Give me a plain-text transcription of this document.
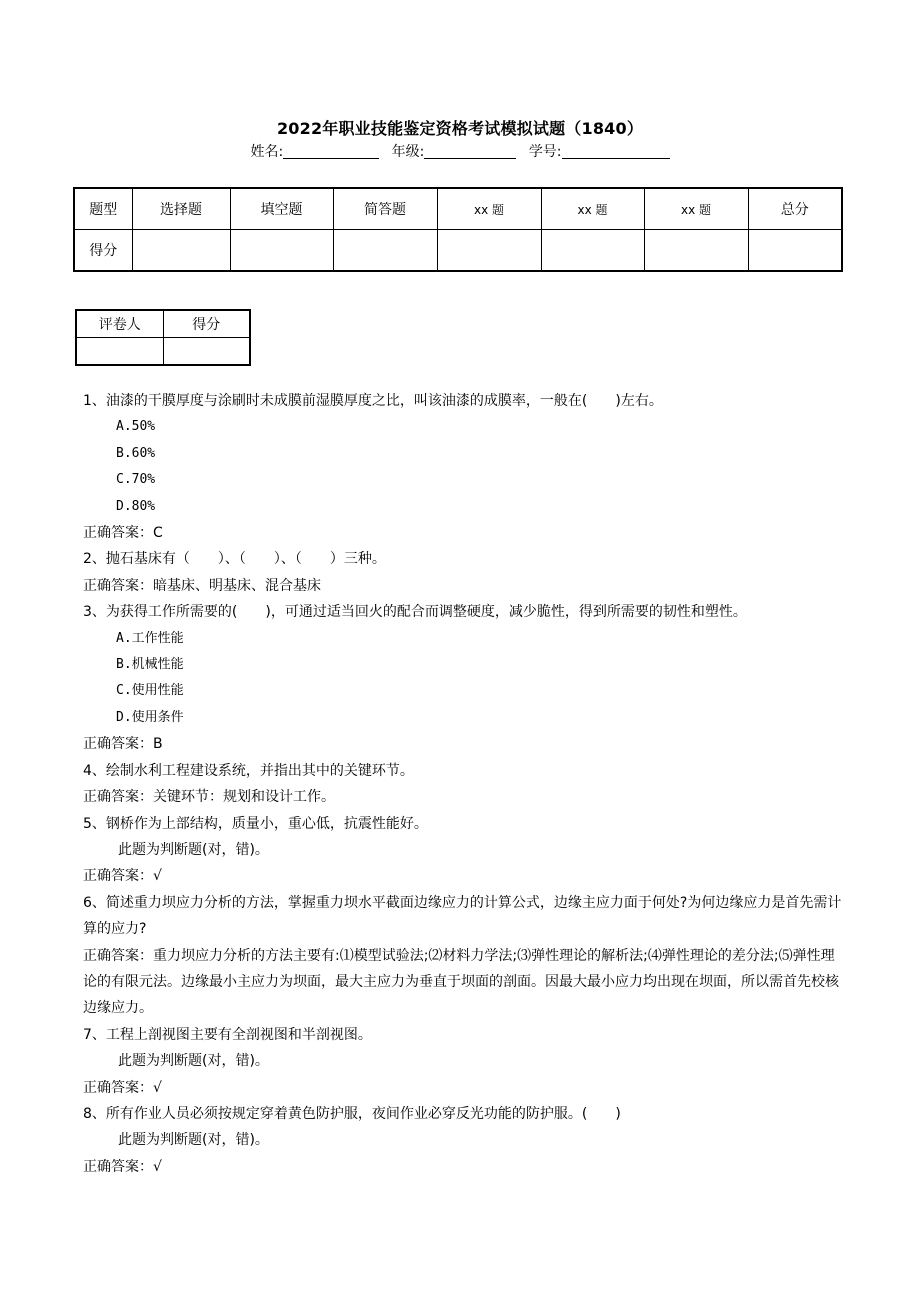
2022年职业技能鉴定资格考试模拟试题（1840）
姓名:	年级:	学号:
题型	选择题	填空题	简答题	xx 题	xx 题	xx 题	总分
得分							
评卷人	得分

1、油漆的干膜厚度与涂刷时未成膜前湿膜厚度之比，叫该油漆的成膜率，一般在(　　)左右。
A.50%
B.60%
C.70%
D.80%
正确答案：C
2、抛石基床有（　　）、（　　）、（　　）三种。
正确答案：暗基床、明基床、混合基床
3、为获得工作所需要的(　　)，可通过适当回火的配合而调整硬度，减少脆性，得到所需要的韧性和塑性。
A.工作性能
B.机械性能
C.使用性能
D.使用条件
正确答案：B
4、绘制水利工程建设系统，并指出其中的关键环节。
正确答案：关键环节：规划和设计工作。
5、钢桥作为上部结构，质量小，重心低，抗震性能好。
此题为判断题(对，错)。
正确答案：√
6、简述重力坝应力分析的方法，掌握重力坝水平截面边缘应力的计算公式，边缘主应力面于何处?为何边缘应力是首先需计算的应力?
正确答案：重力坝应力分析的方法主要有:⑴模型试验法;⑵材料力学法;⑶弹性理论的解析法;⑷弹性理论的差分法;⑸弹性理论的有限元法。边缘最小主应力为坝面，最大主应力为垂直于坝面的剖面。因最大最小应力均出现在坝面，所以需首先校核边缘应力。
7、工程上剖视图主要有全剖视图和半剖视图。
此题为判断题(对，错)。
正确答案：√
8、所有作业人员必须按规定穿着黄色防护服，夜间作业必穿反光功能的防护服。(　　)
此题为判断题(对，错)。
正确答案：√
